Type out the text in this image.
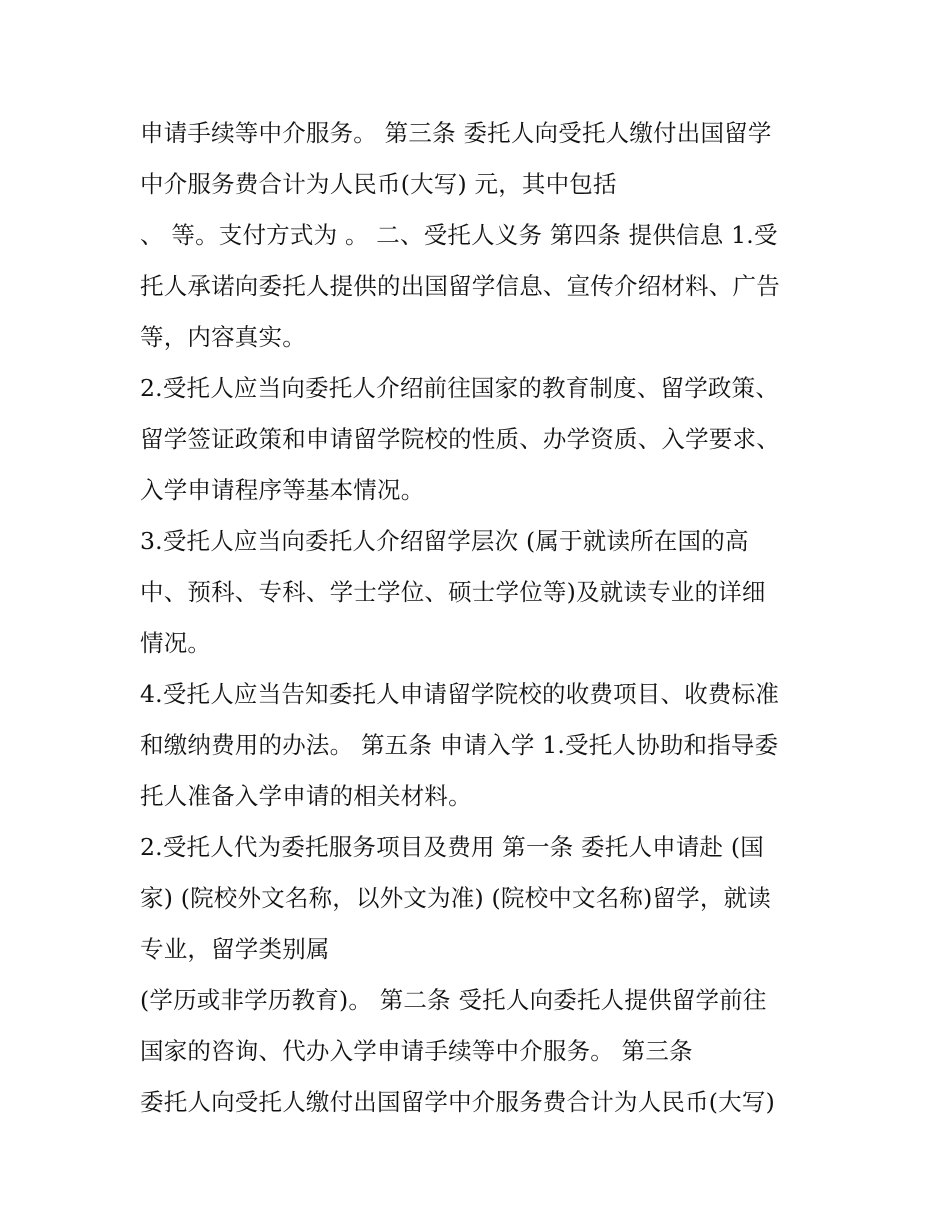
申请手续等中介服务。 第三条 委托人向受托人缴付出国留学
中介服务费合计为人民币(大写) 元，其中包括
、 等。支付方式为 。 二、受托人义务 第四条 提供信息 1.受
托人承诺向委托人提供的出国留学信息、宣传介绍材料、广告
等，内容真实。
2.受托人应当向委托人介绍前往国家的教育制度、留学政策、
留学签证政策和申请留学院校的性质、办学资质、入学要求、
入学申请程序等基本情况。
3.受托人应当向委托人介绍留学层次 (属于就读所在国的高
中、预科、专科、学士学位、硕士学位等)及就读专业的详细
情况。
4.受托人应当告知委托人申请留学院校的收费项目、收费标准
和缴纳费用的办法。 第五条 申请入学 1.受托人协助和指导委
托人准备入学申请的相关材料。
2.受托人代为委托服务项目及费用 第一条 委托人申请赴 (国
家) (院校外文名称，以外文为准) (院校中文名称)留学，就读
专业，留学类别属
(学历或非学历教育)。 第二条 受托人向委托人提供留学前往
国家的咨询、代办入学申请手续等中介服务。 第三条
委托人向受托人缴付出国留学中介服务费合计为人民币(大写)
